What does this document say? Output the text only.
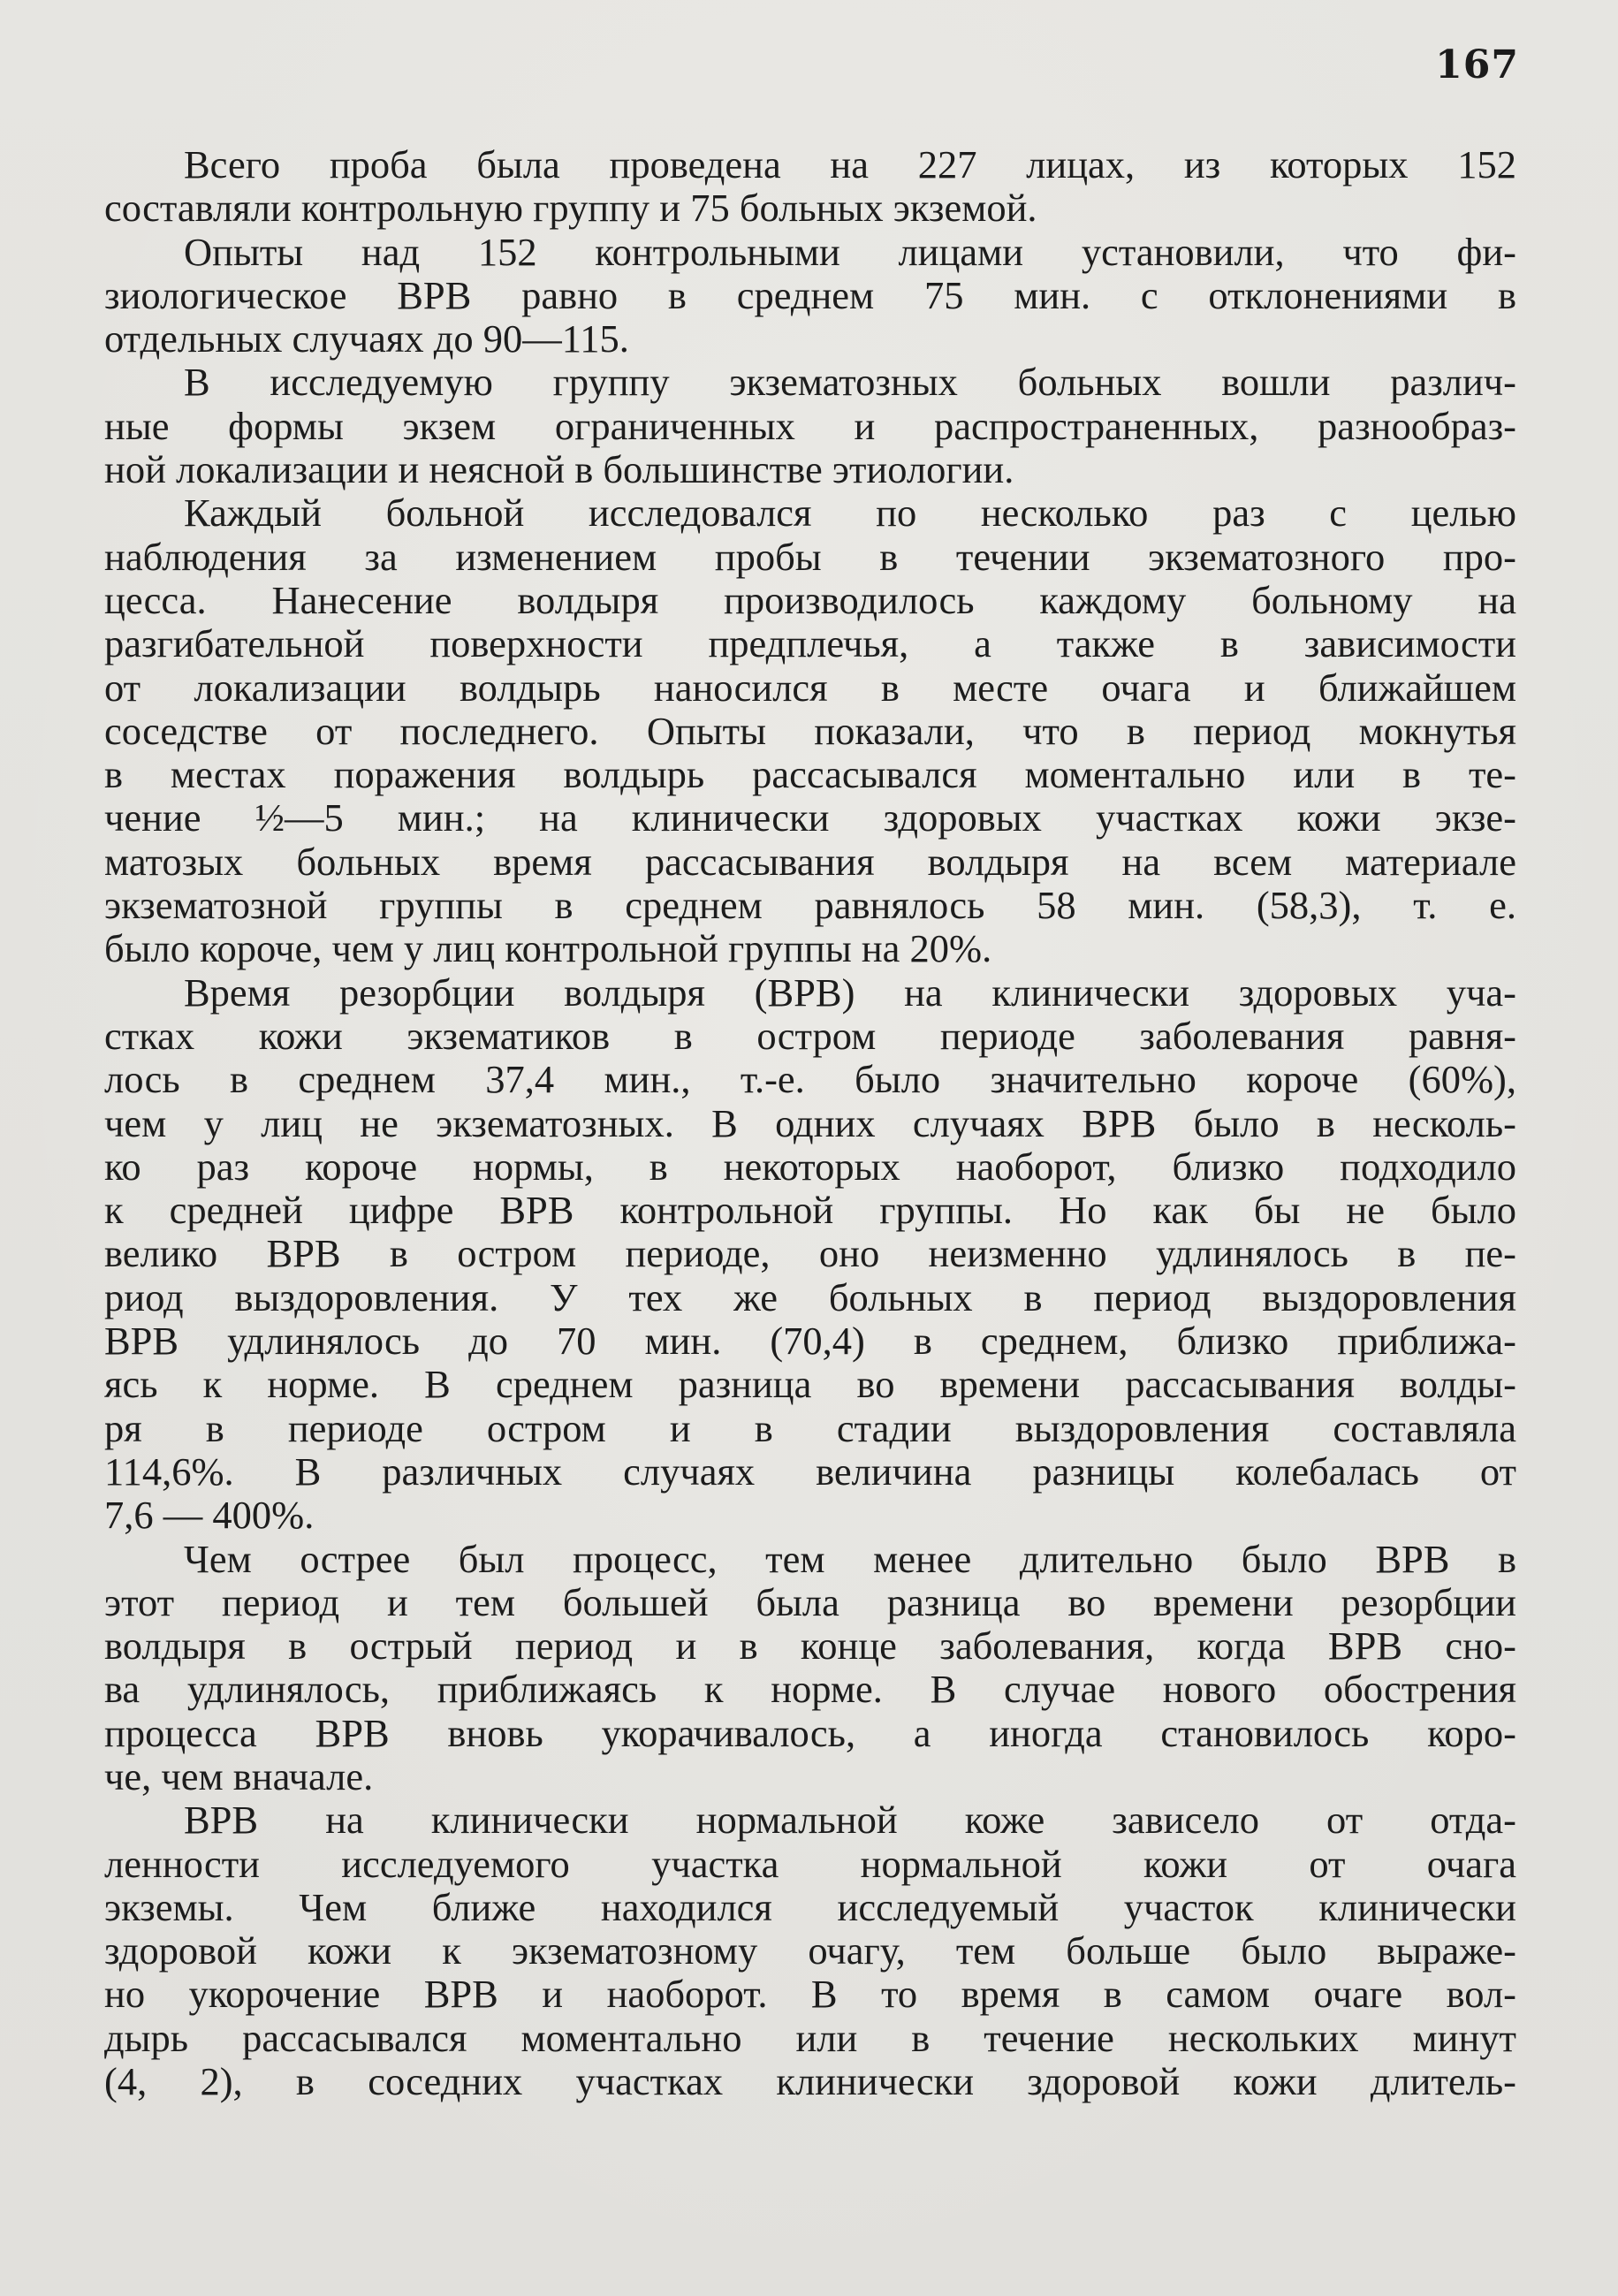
167
Всего проба была проведена на 227 лицах, из которых 152
составляли контрольную группу и 75 больных экземой.
Опыты над 152 контрольными лицами установили, что фи-
зиологическое ВРВ равно в среднем 75 мин. с отклонениями в
отдельных случаях до 90—115.
В исследуемую группу экзематозных больных вошли различ-
ные формы экзем ограниченных и распространенных, разнообраз-
ной локализации и неясной в большинстве этиологии.
Каждый больной исследовался по несколько раз с целью
наблюдения за изменением пробы в течении экзематозного про-
цесса. Нанесение волдыря производилось каждому больному на
разгибательной поверхности предплечья, а также в зависимости
от локализации волдырь наносился в месте очага и ближайшем
соседстве от последнего. Опыты показали, что в период мокнутья
в местах поражения волдырь рассасывался моментально или в те-
чение ½—5 мин.; на клинически здоровых участках кожи экзе-
матозых больных время рассасывания волдыря на всем материале
экзематозной группы в среднем равнялось 58 мин. (58,3), т. е.
было короче, чем у лиц контрольной группы на 20%.
Время резорбции волдыря (ВРВ) на клинически здоровых уча-
стках кожи экзематиков в остром периоде заболевания равня-
лось в среднем 37,4 мин., т.-е. было значительно короче (60%),
чем у лиц не экзематозных. В одних случаях ВРВ было в несколь-
ко раз короче нормы, в некоторых наоборот, близко подходило
к средней цифре ВРВ контрольной группы. Но как бы не было
велико ВРВ в остром периоде, оно неизменно удлинялось в пе-
риод выздоровления. У тех же больных в период выздоровления
ВРВ удлинялось до 70 мин. (70,4) в среднем, близко приближа-
ясь к норме. В среднем разница во времени рассасывания волды-
ря в периоде остром и в стадии выздоровления составляла
114,6%. В различных случаях величина разницы колебалась от
7,6 — 400%.
Чем острее был процесс, тем менее длительно было ВРВ в
этот период и тем большей была разница во времени резорбции
волдыря в острый период и в конце заболевания, когда ВРВ сно-
ва удлинялось, приближаясь к норме. В случае нового обострения
процесса ВРВ вновь укорачивалось, а иногда становилось коро-
че, чем вначале.
ВРВ на клинически нормальной коже зависело от отда-
ленности исследуемого участка нормальной кожи от очага
экземы. Чем ближе находился исследуемый участок клинически
здоровой кожи к экзематозному очагу, тем больше было выраже-
но укорочение ВРВ и наоборот. В то время в самом очаге вол-
дырь рассасывался моментально или в течение нескольких минут
(4, 2), в соседних участках клинически здоровой кожи длитель-
